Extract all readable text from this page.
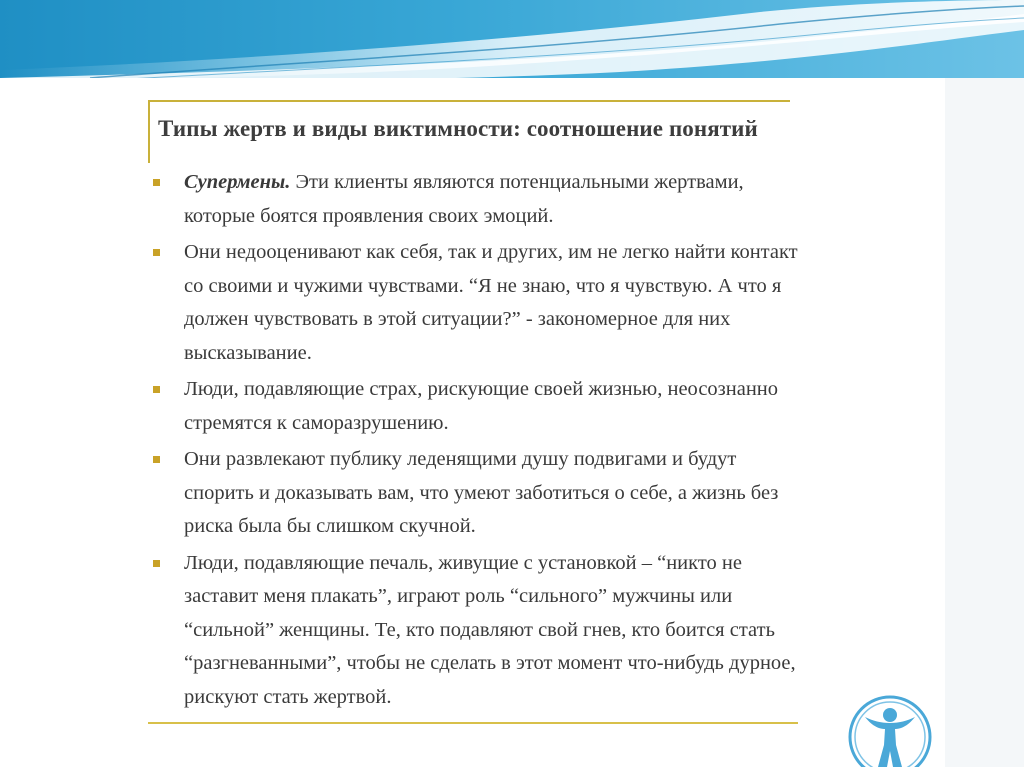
Типы жертв и виды виктимности: соотношение понятий
Супермены. Эти клиенты являются потенциальными жертвами, которые боятся проявления своих эмоций.
Они недооценивают как себя, так и других, им не легко найти контакт со своими и чужими чувствами. “Я не знаю, что я чувствую. А что я должен чувствовать в этой ситуации?” - закономерное для них высказывание.
Люди, подавляющие страх, рискующие своей жизнью, неосознанно стремятся к саморазрушению.
Они развлекают публику леденящими душу подвигами и будут спорить и доказывать вам, что умеют заботиться о себе, а жизнь без риска была бы слишком скучной.
Люди, подавляющие печаль, живущие с установкой – “никто не заставит меня плакать”, играют роль “сильного” мужчины или “сильной” женщины. Те, кто подавляют свой гнев, кто боится стать “разгневанными”, чтобы не сделать в этот момент что-нибудь дурное, рискуют стать жертвой.
